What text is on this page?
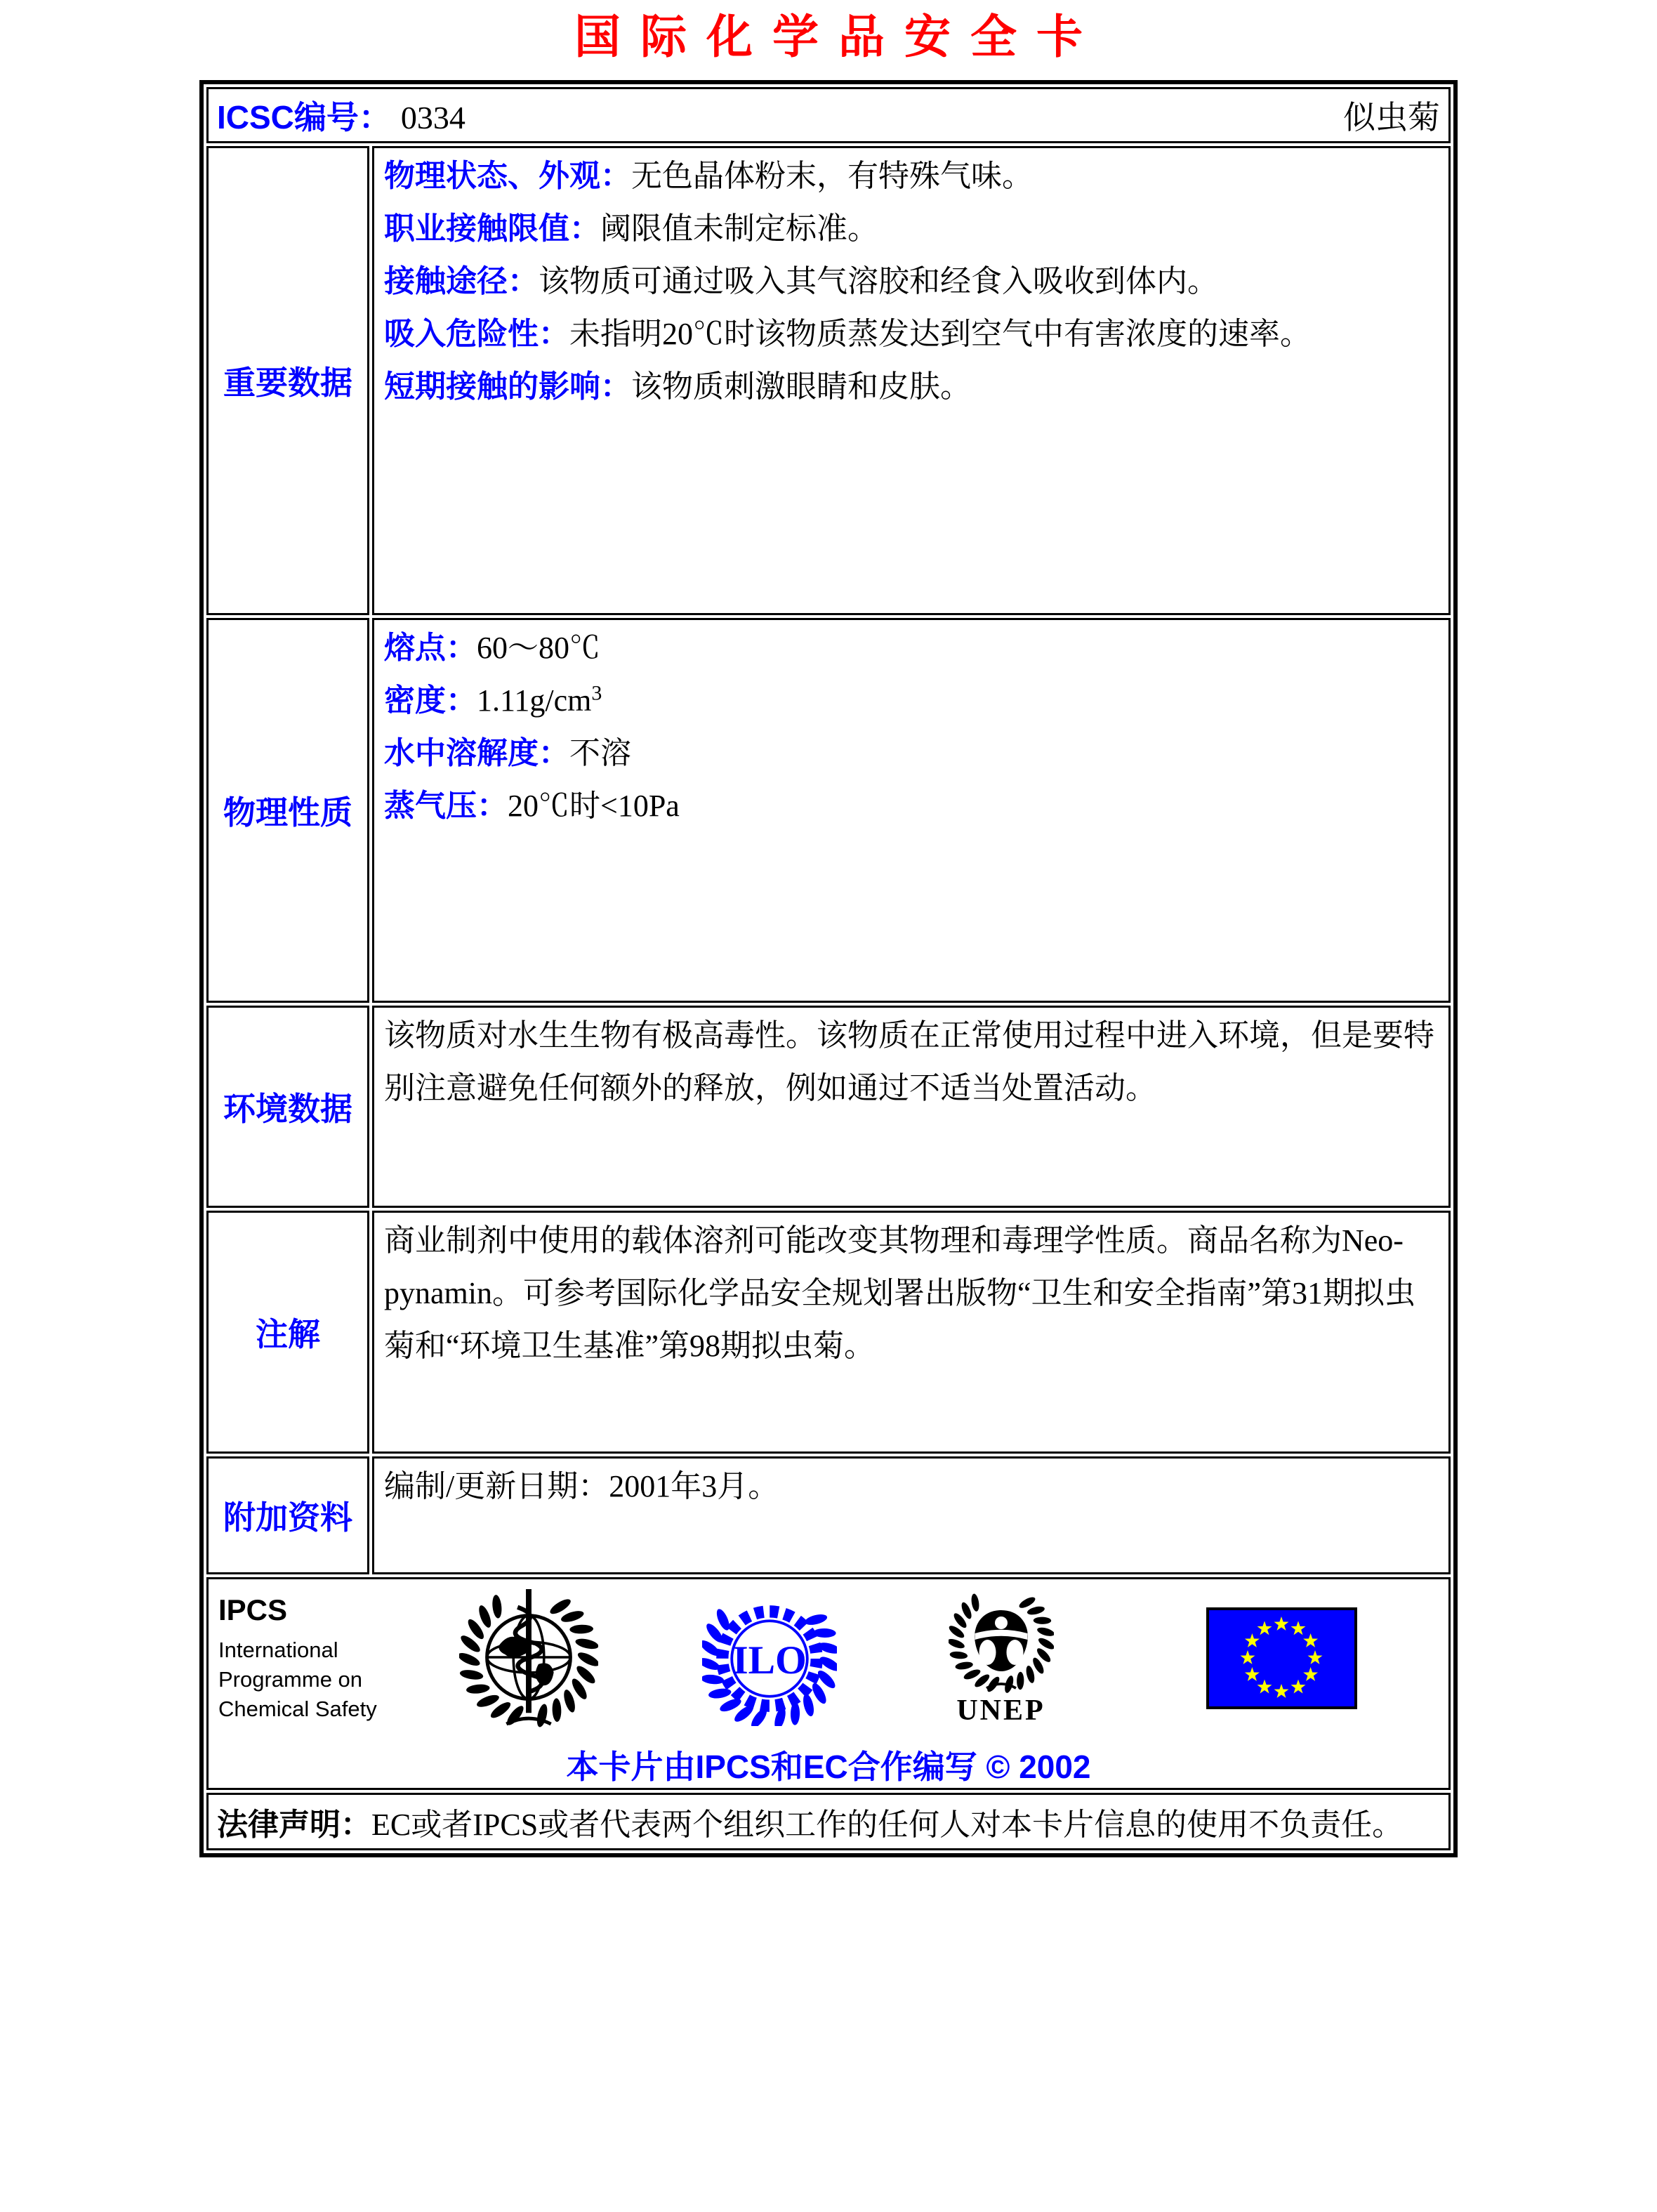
国际化学品安全卡
ICSC编号： 0334 似虫菊	

重要数据	物理状态、外观：无色晶体粉末，有特殊气味。
职业接触限值：阈限值未制定标准。
接触途径：该物质可通过吸入其气溶胶和经食入吸收到体内。
吸入危险性：未指明20℃时该物质蒸发达到空气中有害浓度的速率。
短期接触的影响：该物质刺激眼睛和皮肤。

物理性质	熔点：60～80℃
密度：$1.11g/cm^3$
水中溶解度：不溶
蒸气压：20℃时<10Pa

环境数据	该物质对水生生物有极高毒性。该物质在正常使用过程中进入环境，但是要特别注意避免任何额外的释放，例如通过不适当处置活动。

注解	商业制剂中使用的载体溶剂可能改变其物理和毒理学性质。商品名称为Neo-pynamin。可参考国际化学品安全规划署出版物“卫生和安全指南”第31期拟虫菊和“环境卫生基准”第98期拟虫菊。

附加资料	编制/更新日期：2001年3月。

IPCS
International
Programme on
Chemical Safety
ILO
UNEP
本卡片由IPCS和EC合作编写 © 2002

法律声明：EC或者IPCS或者代表两个组织工作的任何人对本卡片信息的使用不负责任。	
